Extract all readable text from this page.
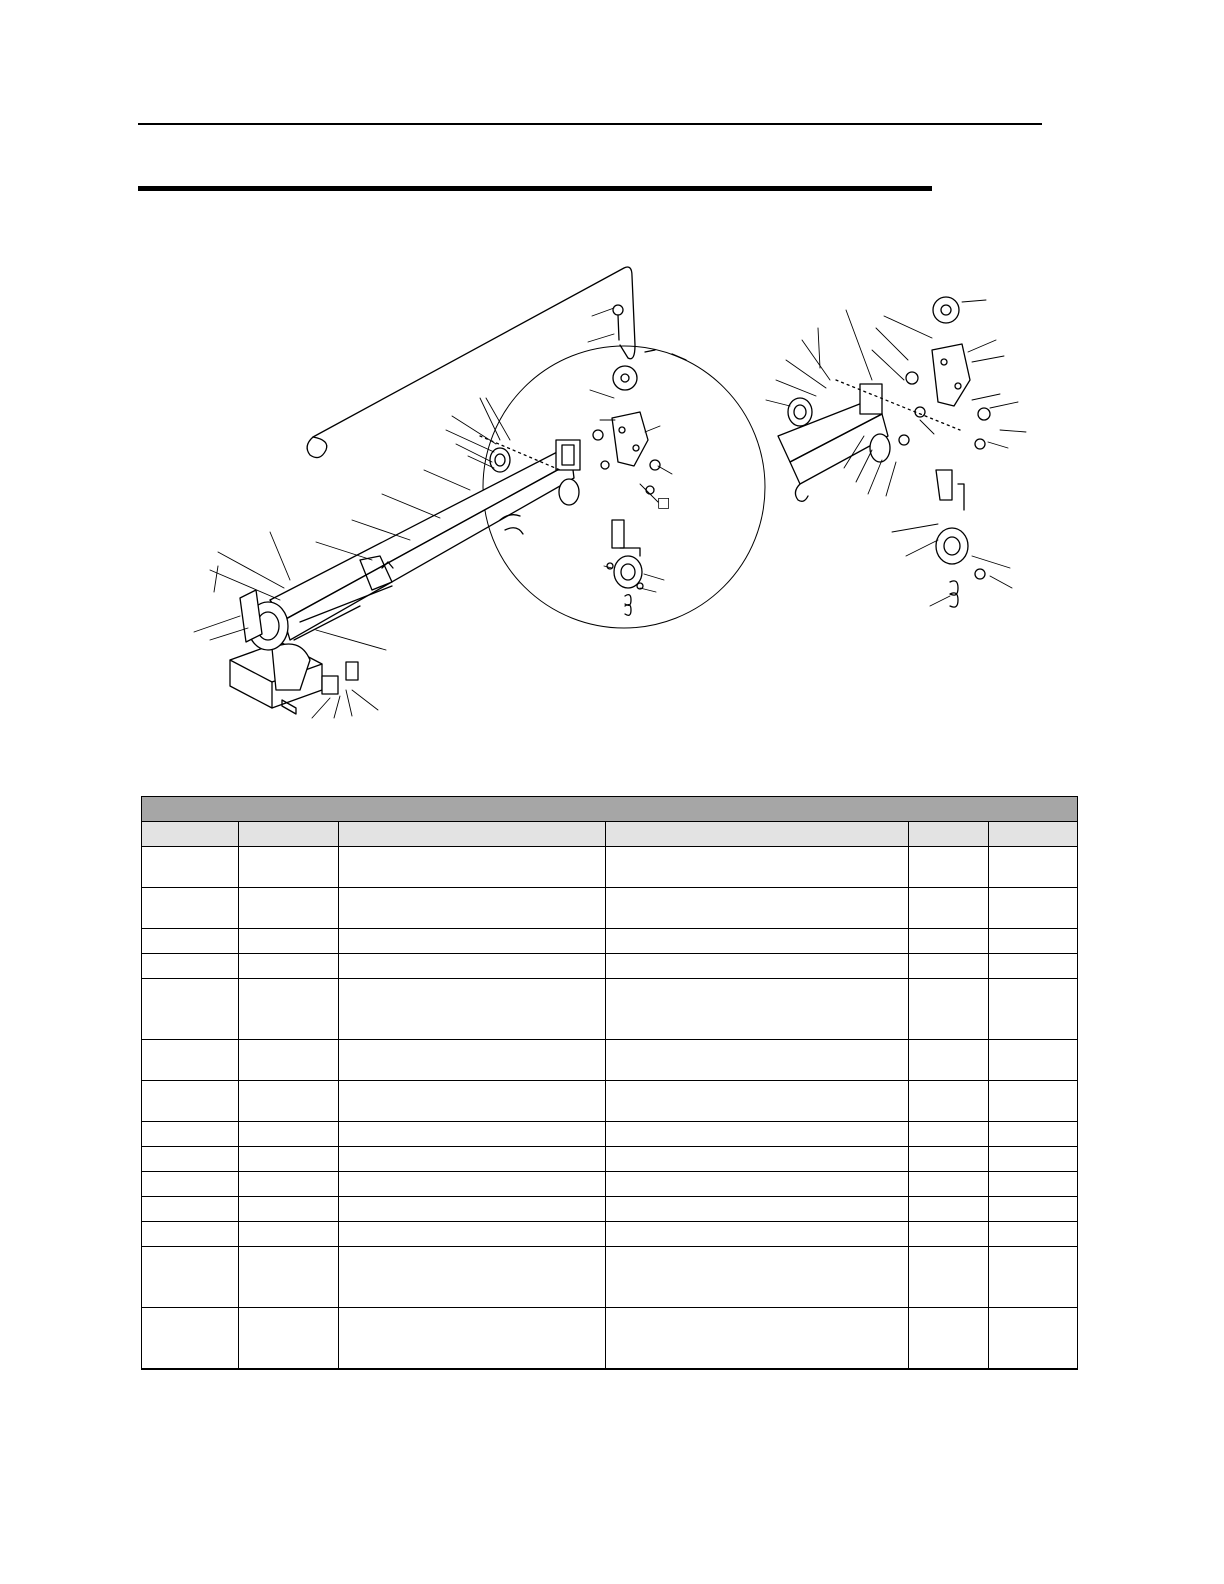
□
